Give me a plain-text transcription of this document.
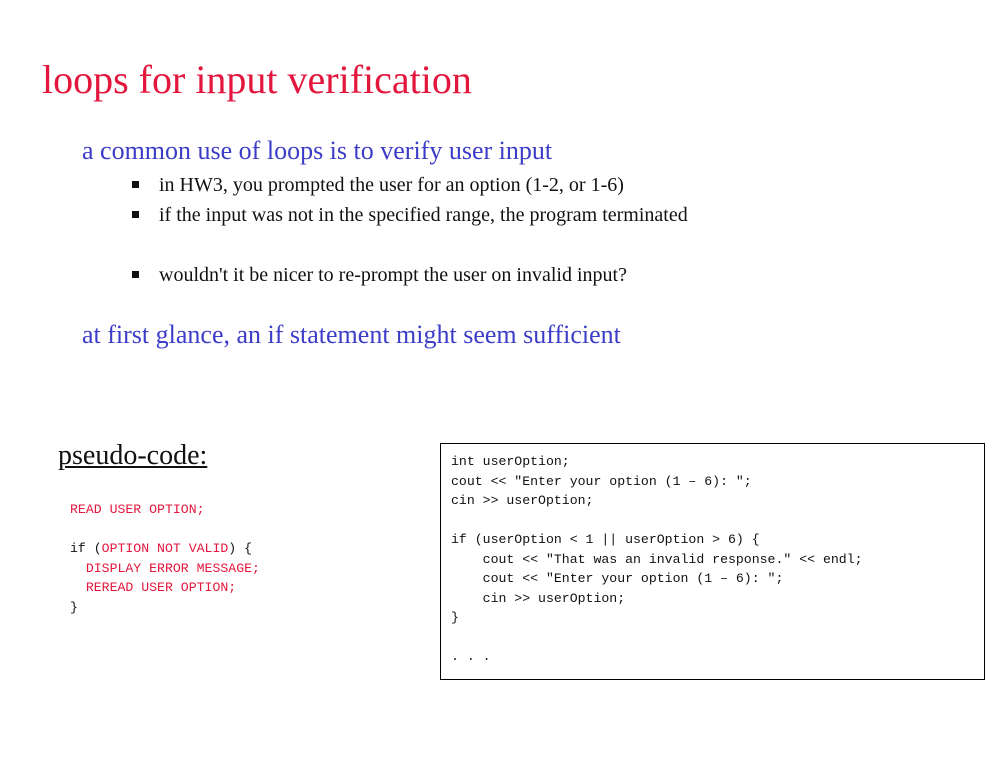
loops for input verification

a common use of loops is to verify user input

in HW3, you prompted the user for an option (1-2, or 1-6)
if the input was not in the specified range, the program terminated
wouldn't it be nicer to re-prompt the user on invalid input?

at first glance, an if statement might seem sufficient

pseudo-code:
READ USER OPTION;
if (OPTION NOT VALID) {
DISPLAY ERROR MESSAGE;
REREAD USER OPTION;
}
int userOption;
cout << "Enter your option (1 – 6): ";
cin >> userOption;
if (userOption < 1 || userOption > 6) {
cout << "That was an invalid response." << endl;
cout << "Enter your option (1 – 6): ";
cin >> userOption;
}
. . .
